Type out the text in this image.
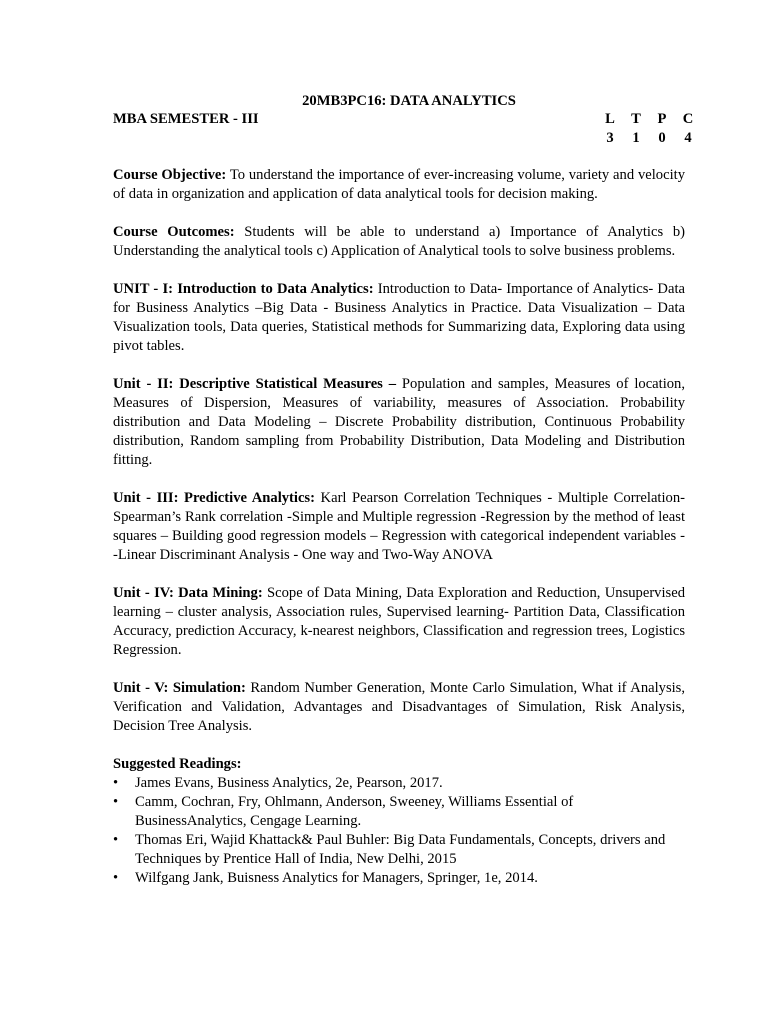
20MB3PC16: DATA ANALYTICS
MBA SEMESTER - III	L T P C
3 1 0 4

Course Objective: To understand the importance of ever-increasing volume, variety and velocity of data in organization and application of data analytical tools for decision making.

Course Outcomes: Students will be able to understand a) Importance of Analytics b) Understanding the analytical tools c) Application of Analytical tools to solve business problems.

UNIT - I: Introduction to Data Analytics: Introduction to Data- Importance of Analytics- Data for Business Analytics –Big Data - Business Analytics in Practice. Data Visualization – Data Visualization tools, Data queries, Statistical methods for Summarizing data, Exploring data using pivot tables.

Unit - II: Descriptive Statistical Measures – Population and samples, Measures of location, Measures of Dispersion, Measures of variability, measures of Association. Probability distribution and Data Modeling – Discrete Probability distribution, Continuous Probability distribution, Random sampling from Probability Distribution, Data Modeling and Distribution fitting.

Unit - III: Predictive Analytics: Karl Pearson Correlation Techniques - Multiple Correlation- Spearman’s Rank correlation -Simple and Multiple regression -Regression by the method of least squares – Building good regression models – Regression with categorical independent variables - -Linear Discriminant Analysis - One way and Two-Way ANOVA

Unit - IV: Data Mining: Scope of Data Mining, Data Exploration and Reduction, Unsupervised learning – cluster analysis, Association rules, Supervised learning- Partition Data, Classification Accuracy, prediction Accuracy, k-nearest neighbors, Classification and regression trees, Logistics Regression.

Unit - V: Simulation: Random Number Generation, Monte Carlo Simulation, What if Analysis, Verification and Validation, Advantages and Disadvantages of Simulation, Risk Analysis, Decision Tree Analysis.

Suggested Readings:
•	James Evans, Business Analytics, 2e, Pearson, 2017.
•	Camm, Cochran, Fry, Ohlmann, Anderson, Sweeney, Williams Essential of BusinessAnalytics, Cengage Learning.
•	Thomas Eri, Wajid Khattack& Paul Buhler: Big Data Fundamentals, Concepts, drivers and Techniques by Prentice Hall of India, New Delhi, 2015
•	Wilfgang Jank, Buisness Analytics for Managers, Springer, 1e, 2014.
